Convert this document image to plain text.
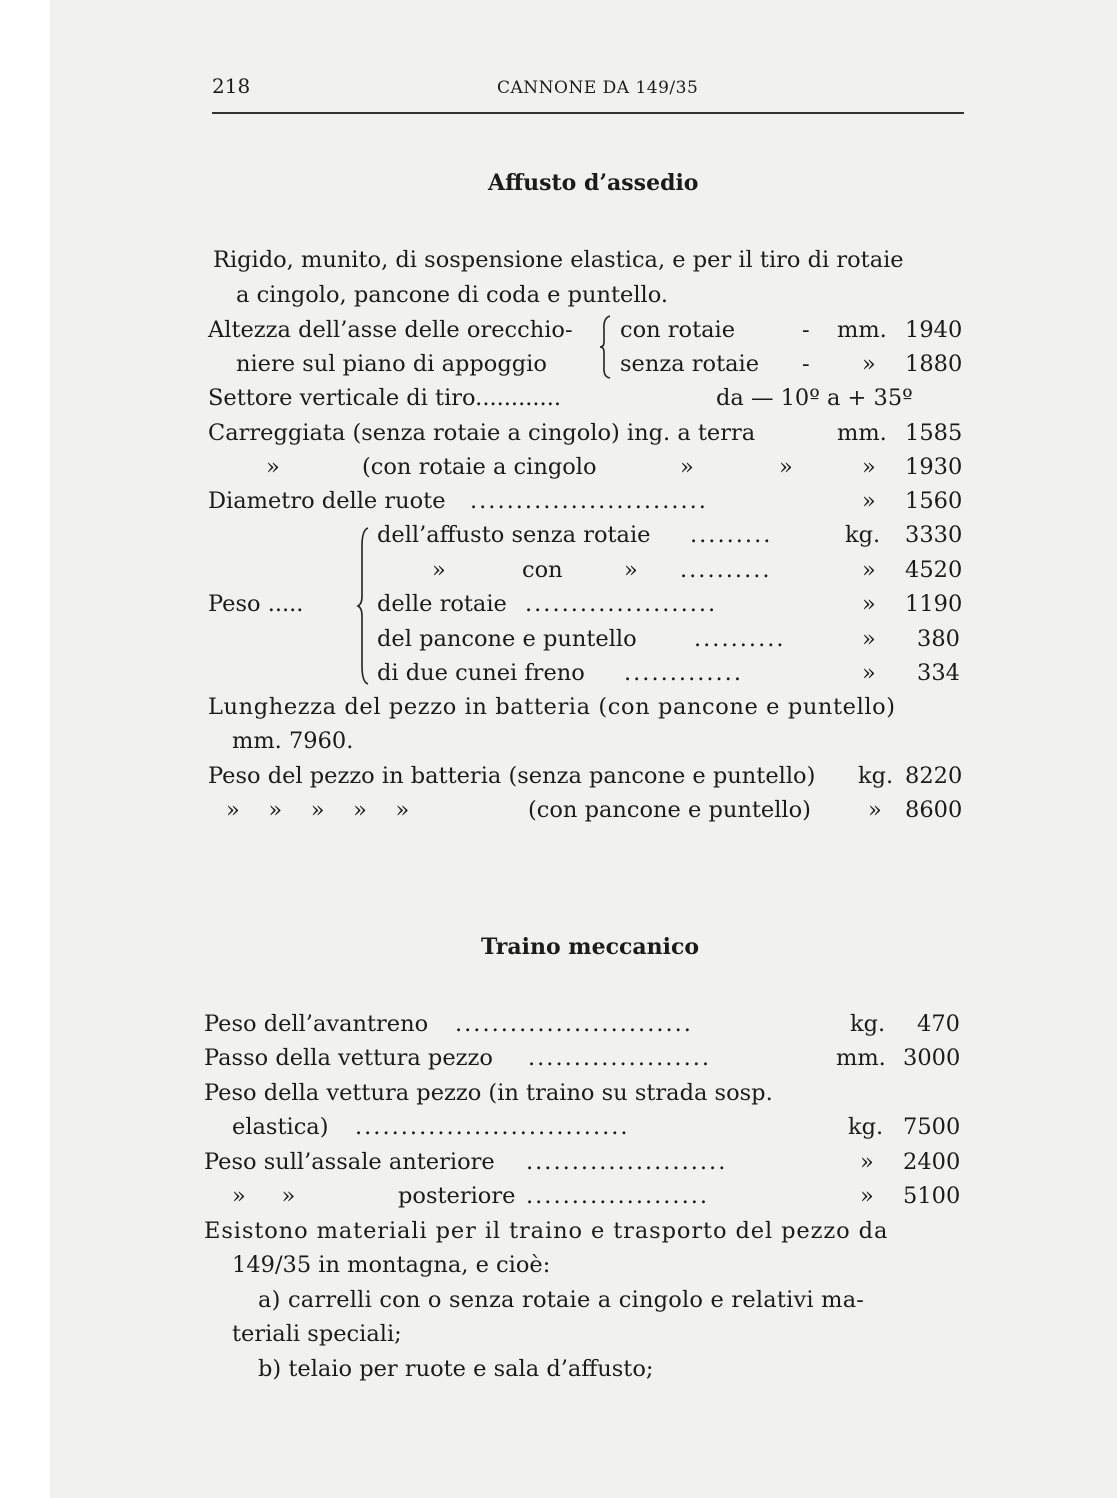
218	CANNONE DA 149/35
Affusto d’assedio
Rigido, munito, di sospensione elastica, e per il tiro di rotaie
a cingolo, pancone di coda e puntello.
Altezza dell’asse delle orecchio-
niere sul piano di appoggio
con rotaie	- mm. 1940
senza rotaie - » 1880
Settore verticale di tiro............	da — 10º a + 35º
Carreggiata (senza rotaie a cingolo) ing. a terra	mm. 1585
»	(con rotaie a cingolo	»	»	» 1930
Diametro delle ruote ..........................	» 1560
Peso .....
dell’affusto senza rotaie .........	kg. 3330
»	con	» ..........	» 4520
delle rotaie .....................	» 1190
del pancone e puntello	..........	» 380
di due cunei freno .............	» 334
Lunghezza del pezzo in batteria (con pancone e puntello)
mm. 7960.
Peso del pezzo in batteria (senza pancone e puntello) kg. 8220
»    »    »    »    »	(con pancone e puntello)	» 8600
Traino meccanico
Peso dell’avantreno ..........................	kg. 470
Passo della vettura pezzo ....................	mm. 3000
Peso della vettura pezzo (in traino su strada sosp.
elastica) ..............................	kg. 7500
Peso sull’assale anteriore ......................	» 2400
»     »	posteriore ....................	» 5100
Esistono materiali per il traino e trasporto del pezzo da
149/35 in montagna, e cioè:
a) carrelli con o senza rotaie a cingolo e relativi ma-
teriali speciali;
b) telaio per ruote e sala d’affusto;
